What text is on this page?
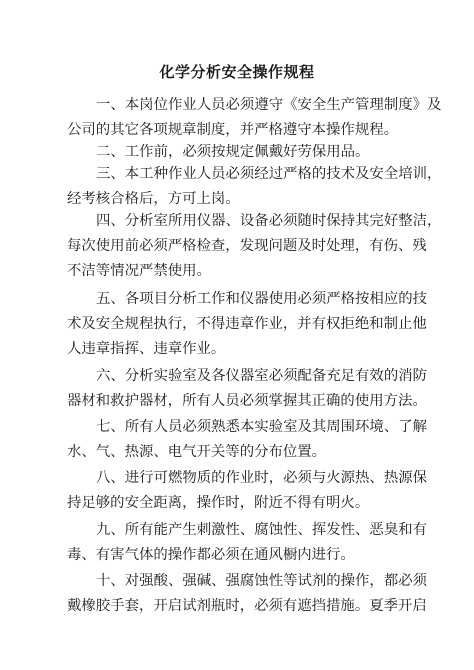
化学分析安全操作规程
一、本岗位作业人员必须遵守《安全生产管理制度》及
公司的其它各项规章制度，并严格遵守本操作规程。
二、工作前，必须按规定佩戴好劳保用品。
三、本工种作业人员必须经过严格的技术及安全培训，
经考核合格后，方可上岗。
四、分析室所用仪器、设备必须随时保持其完好整洁，
每次使用前必须严格检查，发现问题及时处理，有伤、残
不洁等情况严禁使用。
五、各项目分析工作和仪器使用必须严格按相应的技
术及安全规程执行，不得违章作业，并有权拒绝和制止他
人违章指挥、违章作业。
六、分析实验室及各仪器室必须配备充足有效的消防
器材和救护器材，所有人员必须掌握其正确的使用方法。
七、所有人员必须熟悉本实验室及其周围环境、了解
水、气、热源、电气开关等的分布位置。
八、进行可燃物质的作业时，必须与火源热、热源保
持足够的安全距离，操作时，附近不得有明火。
九、所有能产生刺激性、腐蚀性、挥发性、恶臭和有
毒、有害气体的操作都必须在通风橱内进行。
十、对强酸、强碱、强腐蚀性等试剂的操作，都必须
戴橡胶手套，开启试剂瓶时，必须有遮挡措施。夏季开启
